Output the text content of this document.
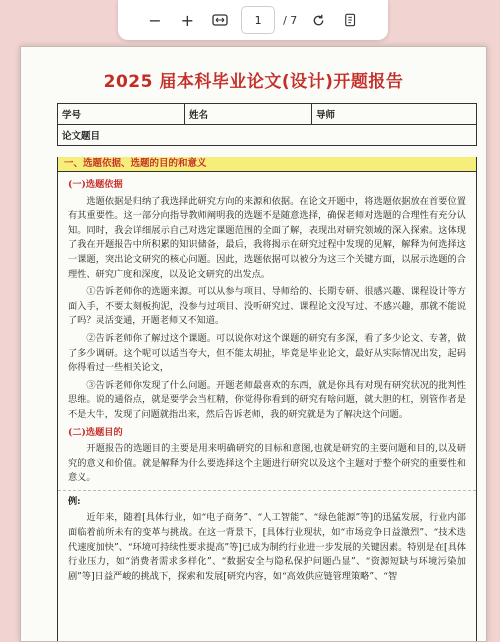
− +	1	/ 7
2025 届本科毕业论文(设计)开题报告
学号	姓名	导师
论文题目
一、选题依据、选题的目的和意义
(一)选题依据

选题依据是归纳了我选择此研究方向的来源和依据。在论文开题中，将选题依据放在首要位置有其重要性。这一部分向指导教师阐明我的选题不是随意选择，确保老师对选题的合理性有充分认知。同时，我会详细展示自己对选定课题范围的全面了解，表现出对研究领域的深入探索。这体现了我在开题报告中所积累的知识储备，最后，我将揭示在研究过程中发现的见解，解释为何选择这一课题，突出论文研究的核心问题。因此，选题依据可以被分为这三个关键方面，以展示选题的合理性、研究广度和深度，以及论文研究的出发点。

①告诉老师你的选题来源。可以从参与项目、导师给的、长期专研、很感兴趣、课程设计等方面入手，不要太刻板拘泥，没参与过项目、没听研究过、课程论文没写过、不感兴趣，那就不能说了吗？灵活变通，开题老师又不知道。

②告诉老师你了解过这个课题。可以说你对这个课题的研究有多深，看了多少论文、专著，做了多少调研。这个呢可以适当夸大，但不能太胡扯，毕竟是毕业论文，最好从实际情况出发，起码你得看过一些相关论文，

③告诉老师你发现了什么问题。开题老师最喜欢的东西，就是你具有对现有研究状况的批判性思维。说的通俗点，就是要学会当杠精，你觉得你看到的研究有啥问题，就大胆的杠，别管作者是不是大牛，发现了问题就指出来，然后告诉老师，我的研究就是为了解决这个问题。

(二)选题目的

开题报告的选题目的主要是用来明确研究的目标和意图,也就是研究的主要问题和目的,以及研究的意义和价值。就是解释为什么要选择这个主题进行研究以及这个主题对于整个研究的重要性和意义。

例:

近年来，随着[具体行业，如“电子商务”、“人工智能”、“绿色能源”等]的迅猛发展，行业内部面临着前所未有的变革与挑战。在这一背景下，[具体行业现状，如“市场竞争日益激烈”、“技术迭代速度加快”、“环境可持续性要求提高”等]已成为制约行业进一步发展的关键因素。特别是在[具体行业压力，如“消费者需求多样化”、“数据安全与隐私保护问题凸显”、“资源短缺与环境污染加剧”等]日益严峻的挑战下，探索和发展[研究内容，如“高效供应链管理策略”、“智
